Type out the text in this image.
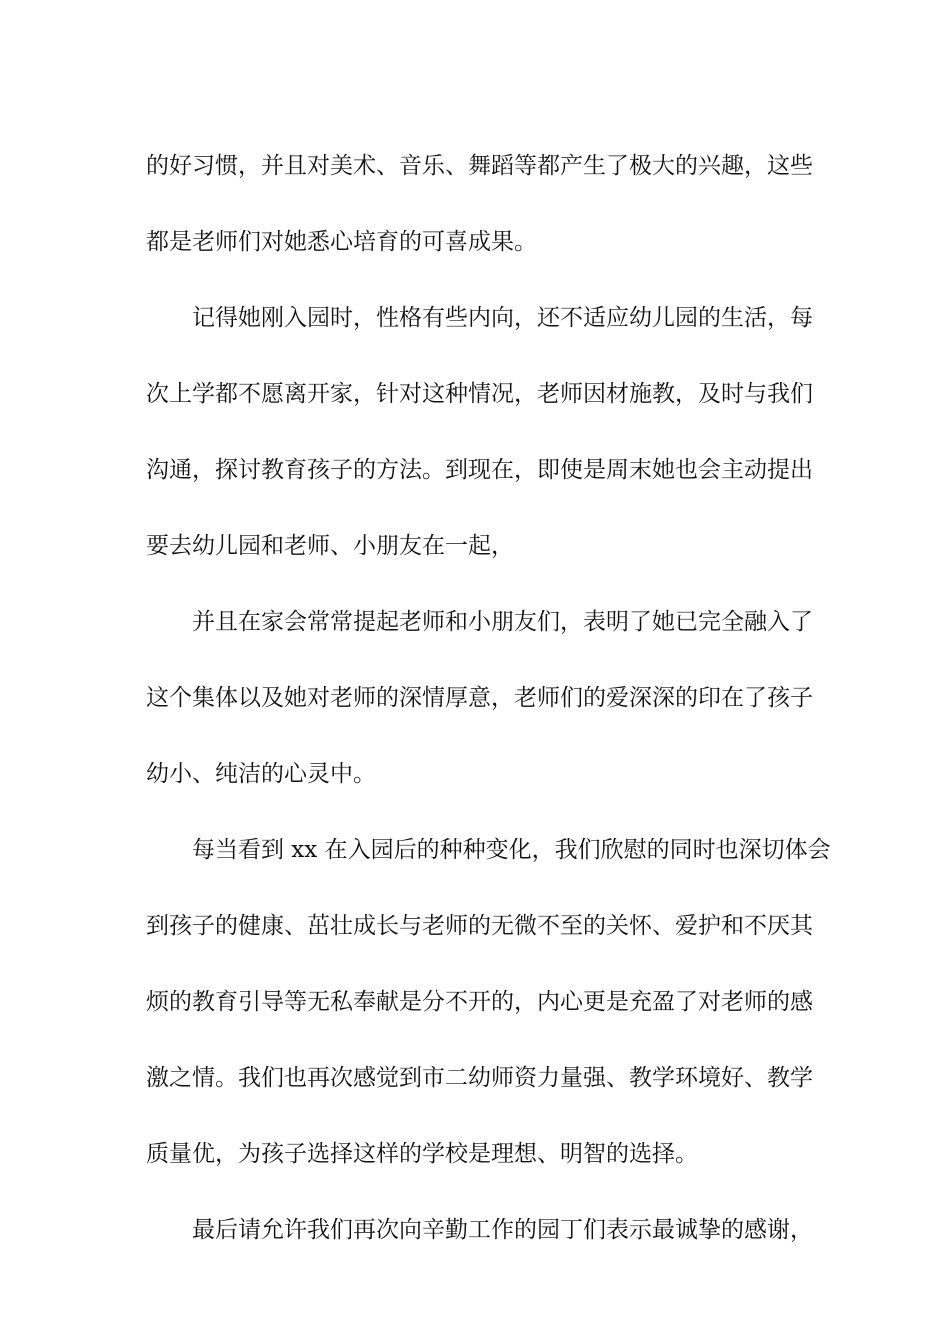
的好习惯，并且对美术、音乐、舞蹈等都产生了极大的兴趣，这些
都是老师们对她悉心培育的可喜成果。
记得她刚入园时，性格有些内向，还不适应幼儿园的生活，每
次上学都不愿离开家，针对这种情况，老师因材施教，及时与我们
沟通，探讨教育孩子的方法。到现在，即使是周末她也会主动提出
要去幼儿园和老师、小朋友在一起，
并且在家会常常提起老师和小朋友们，表明了她已完全融入了
这个集体以及她对老师的深情厚意，老师们的爱深深的印在了孩子
幼小、纯洁的心灵中。
每当看到 xx 在入园后的种种变化，我们欣慰的同时也深切体会
到孩子的健康、茁壮成长与老师的无微不至的关怀、爱护和不厌其
烦的教育引导等无私奉献是分不开的，内心更是充盈了对老师的感
激之情。我们也再次感觉到市二幼师资力量强、教学环境好、教学
质量优，为孩子选择这样的学校是理想、明智的选择。
最后请允许我们再次向辛勤工作的园丁们表示最诚挚的感谢，
